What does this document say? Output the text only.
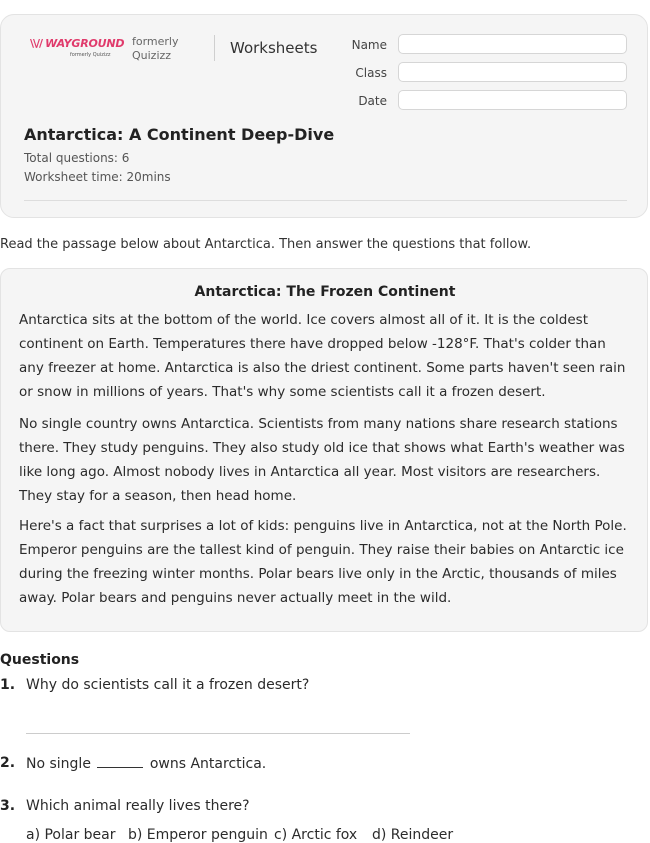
\\// WAYGROUND
formerly Quizizz
formerly
Quizizz	Worksheets	Name
Class
Date
Antarctica: A Continent Deep-Dive
Total questions: 6
Worksheet time: 20mins

Read the passage below about Antarctica. Then answer the questions that follow.

Antarctica: The Frozen Continent

Antarctica sits at the bottom of the world. Ice covers almost all of it. It is the coldest continent on Earth. Temperatures there have dropped below -128°F. That's colder than any freezer at home. Antarctica is also the driest continent. Some parts haven't seen rain or snow in millions of years. That's why some scientists call it a frozen desert.

No single country owns Antarctica. Scientists from many nations share research stations there. They study penguins. They also study old ice that shows what Earth's weather was like long ago. Almost nobody lives in Antarctica all year. Most visitors are researchers. They stay for a season, then head home.

Here's a fact that surprises a lot of kids: penguins live in Antarctica, not at the North Pole. Emperor penguins are the tallest kind of penguin. They raise their babies on Antarctic ice during the freezing winter months. Polar bears live only in the Arctic, thousands of miles away. Polar bears and penguins never actually meet in the wild.

Questions
1. Why do scientists call it a frozen desert?
2. No single	owns Antarctica.
3. Which animal really lives there?
a) Polar bear b) Emperor penguin c) Arctic fox d) Reindeer
